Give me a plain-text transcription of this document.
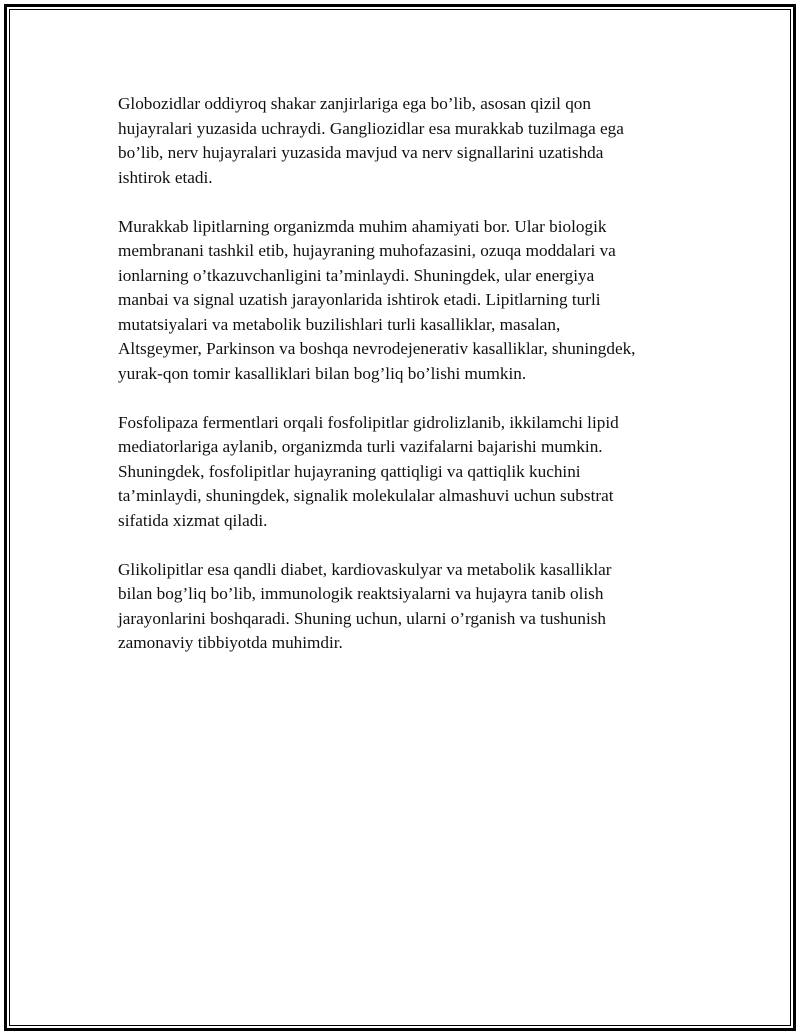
Globozidlar oddiyroq shakar zanjirlariga ega bo’lib, asosan qizil qon
hujayralari yuzasida uchraydi. Gangliozidlar esa murakkab tuzilmaga ega
bo’lib, nerv hujayralari yuzasida mavjud va nerv signallarini uzatishda
ishtirok etadi.

Murakkab lipitlarning organizmda muhim ahamiyati bor. Ular biologik
membranani tashkil etib, hujayraning muhofazasini, ozuqa moddalari va
ionlarning o’tkazuvchanligini ta’minlaydi. Shuningdek, ular energiya
manbai va signal uzatish jarayonlarida ishtirok etadi. Lipitlarning turli
mutatsiyalari va metabolik buzilishlari turli kasalliklar, masalan,
Altsgeymer, Parkinson va boshqa nevrodejenerativ kasalliklar, shuningdek,
yurak-qon tomir kasalliklari bilan bog’liq bo’lishi mumkin.

Fosfolipaza fermentlari orqali fosfolipitlar gidrolizlanib, ikkilamchi lipid
mediatorlariga aylanib, organizmda turli vazifalarni bajarishi mumkin.
Shuningdek, fosfolipitlar hujayraning qattiqligi va qattiqlik kuchini
ta’minlaydi, shuningdek, signalik molekulalar almashuvi uchun substrat
sifatida xizmat qiladi.

Glikolipitlar esa qandli diabet, kardiovaskulyar va metabolik kasalliklar
bilan bog’liq bo’lib, immunologik reaktsiyalarni va hujayra tanib olish
jarayonlarini boshqaradi. Shuning uchun, ularni o’rganish va tushunish
zamonaviy tibbiyotda muhimdir.
